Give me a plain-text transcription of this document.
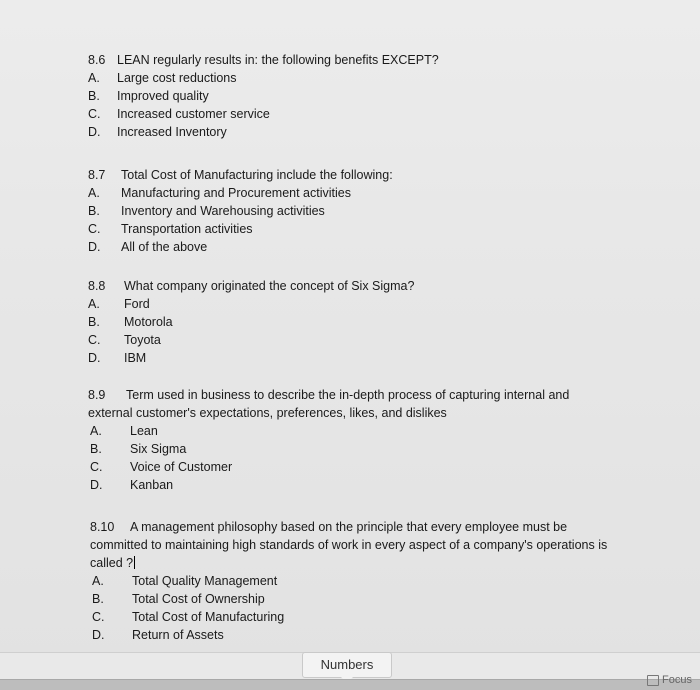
8.6 LEAN regularly results in: the following benefits EXCEPT?
A.	Large cost reductions
B.	Improved quality
C.	Increased customer service
D.	Increased Inventory
8.7	Total Cost of Manufacturing include the following:
A.	Manufacturing and Procurement activities
B.	Inventory and Warehousing activities
C.	Transportation activities
D.	All of the above
8.8	What company originated the concept of Six Sigma?
A.	Ford
B.	Motorola
C.	Toyota
D.	IBM
8.9 Term used in business to describe the in-depth process of capturing internal and
external customer's expectations, preferences, likes, and dislikes
A.	Lean
B.	Six Sigma
C.	Voice of Customer
D.	Kanban
8.10 A management philosophy based on the principle that every employee must be
committed to maintaining high standards of work in every aspect of a company's operations is
called ?
A.	Total Quality Management
B.	Total Cost of Ownership
C.	Total Cost of Manufacturing
D.	Return of Assets
Numbers
Focus
